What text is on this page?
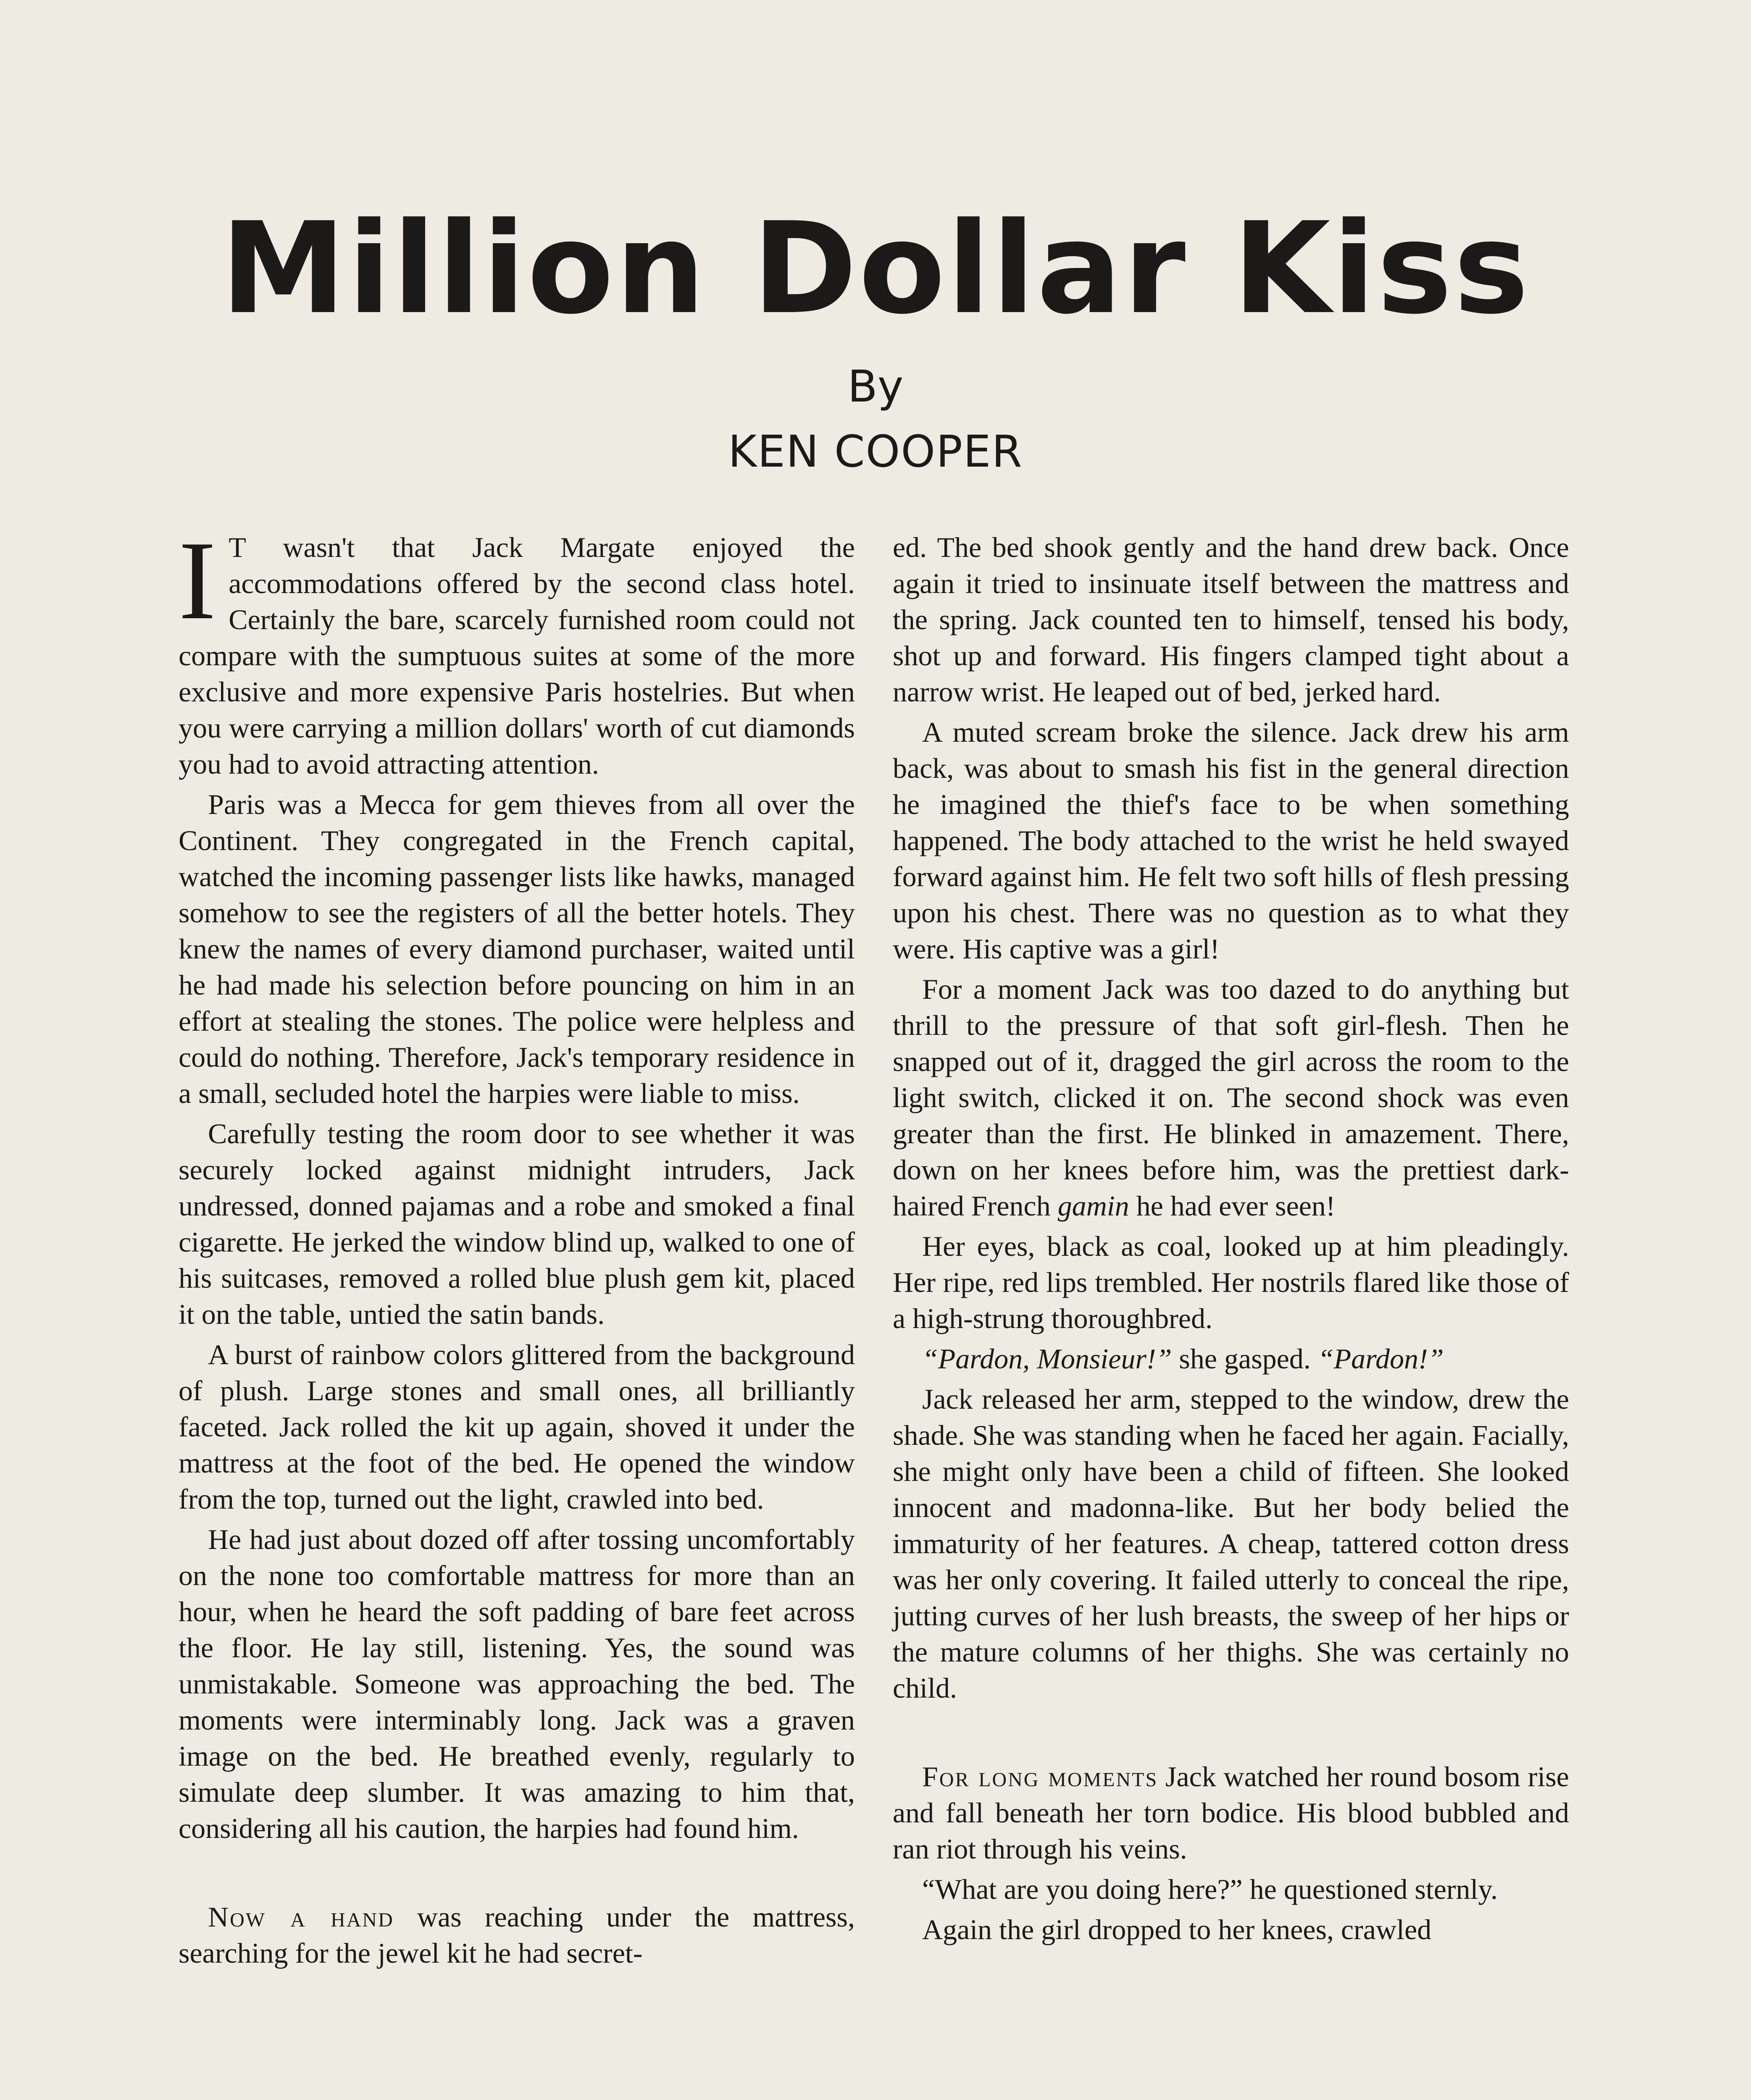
Million Dollar Kiss
By
KEN COOPER

I T wasn't that Jack Margate enjoyed the accommodations offered by the second class hotel. Certainly the bare, scarcely furnished room could not compare with the sumptuous suites at some of the more exclusive and more expensive Paris hostelries. But when you were carrying a million dollars' worth of cut diamonds you had to avoid attracting attention.

Paris was a Mecca for gem thieves from all over the Continent. They congregated in the French capital, watched the incoming passenger lists like hawks, managed somehow to see the registers of all the better hotels. They knew the names of every diamond purchaser, waited until he had made his selection before pouncing on him in an effort at stealing the stones. The police were helpless and could do nothing. Therefore, Jack's temporary residence in a small, secluded hotel the harpies were liable to miss.

Carefully testing the room door to see whether it was securely locked against midnight intruders, Jack undressed, donned pajamas and a robe and smoked a final cigarette. He jerked the window blind up, walked to one of his suitcases, removed a rolled blue plush gem kit, placed it on the table, untied the satin bands.

A burst of rainbow colors glittered from the background of plush. Large stones and small ones, all brilliantly faceted. Jack rolled the kit up again, shoved it under the mattress at the foot of the bed. He opened the window from the top, turned out the light, crawled into bed.

He had just about dozed off after tossing uncomfortably on the none too comfortable mattress for more than an hour, when he heard the soft padding of bare feet across the floor. He lay still, listening. Yes, the sound was unmistakable. Someone was approaching the bed. The moments were interminably long. Jack was a graven image on the bed. He breathed evenly, regularly to simulate deep slumber. It was amazing to him that, considering all his caution, the harpies had found him.

Now a hand was reaching under the mattress, searching for the jewel kit he had secret-

ed. The bed shook gently and the hand drew back. Once again it tried to insinuate itself between the mattress and the spring. Jack counted ten to himself, tensed his body, shot up and forward. His fingers clamped tight about a narrow wrist. He leaped out of bed, jerked hard.

A muted scream broke the silence. Jack drew his arm back, was about to smash his fist in the general direction he imagined the thief's face to be when something happened. The body attached to the wrist he held swayed forward against him. He felt two soft hills of flesh pressing upon his chest. There was no question as to what they were. His captive was a girl!

For a moment Jack was too dazed to do anything but thrill to the pressure of that soft girl-flesh. Then he snapped out of it, dragged the girl across the room to the light switch, clicked it on. The second shock was even greater than the first. He blinked in amazement. There, down on her knees before him, was the prettiest dark-haired French gamin he had ever seen!

Her eyes, black as coal, looked up at him pleadingly. Her ripe, red lips trembled. Her nostrils flared like those of a high-strung thoroughbred.

“Pardon, Monsieur!” she gasped. “Pardon!”

Jack released her arm, stepped to the window, drew the shade. She was standing when he faced her again. Facially, she might only have been a child of fifteen. She looked innocent and madonna-like. But her body belied the immaturity of her features. A cheap, tattered cotton dress was her only covering. It failed utterly to conceal the ripe, jutting curves of her lush breasts, the sweep of her hips or the mature columns of her thighs. She was certainly no child.

For long moments Jack watched her round bosom rise and fall beneath her torn bodice. His blood bubbled and ran riot through his veins.

“What are you doing here?” he questioned sternly.

Again the girl dropped to her knees, crawled
